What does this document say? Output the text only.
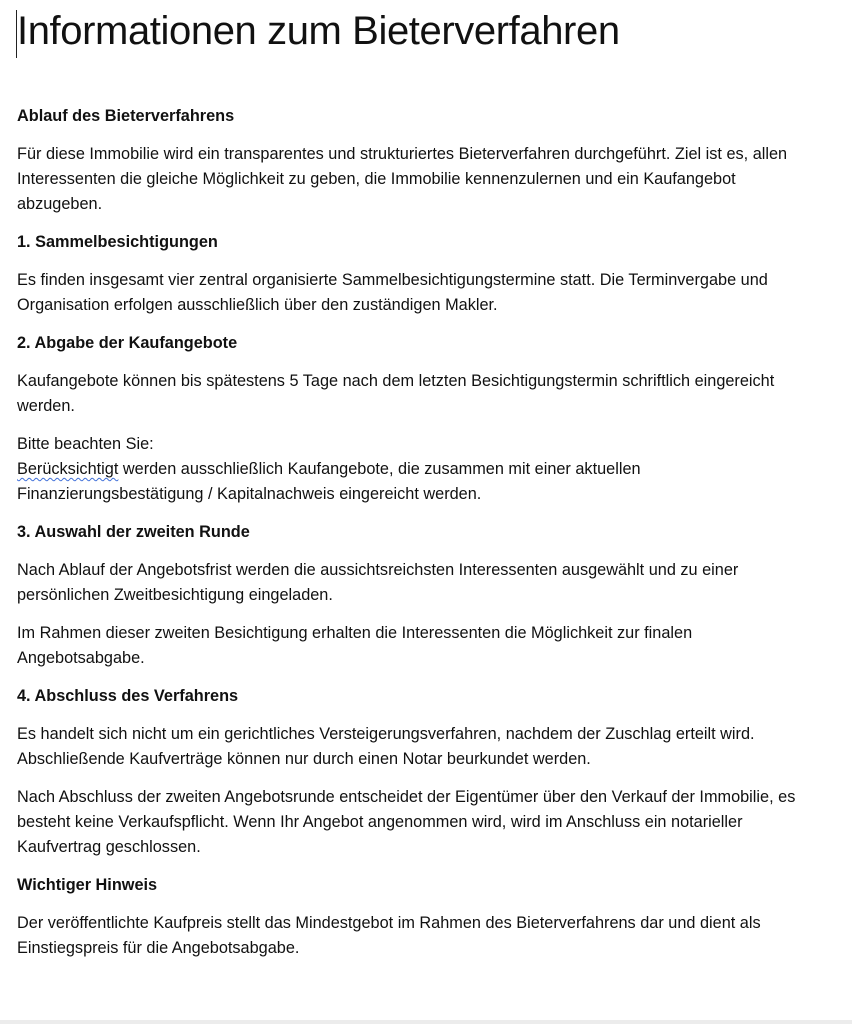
Informationen zum Bieterverfahren
Ablauf des Bieterverfahrens

Für diese Immobilie wird ein transparentes und strukturiertes Bieterverfahren durchgeführt. Ziel ist es, allen Interessenten die gleiche Möglichkeit zu geben, die Immobilie kennenzulernen und ein Kaufangebot abzugeben.

1. Sammelbesichtigungen

Es finden insgesamt vier zentral organisierte Sammelbesichtigungstermine statt. Die Terminvergabe und Organisation erfolgen ausschließlich über den zuständigen Makler.

2. Abgabe der Kaufangebote

Kaufangebote können bis spätestens 5 Tage nach dem letzten Besichtigungstermin schriftlich eingereicht werden.

Bitte beachten Sie:
Berücksichtigt werden ausschließlich Kaufangebote, die zusammen mit einer aktuellen Finanzierungsbestätigung / Kapitalnachweis eingereicht werden.

3. Auswahl der zweiten Runde

Nach Ablauf der Angebotsfrist werden die aussichtsreichsten Interessenten ausgewählt und zu einer persönlichen Zweitbesichtigung eingeladen.

Im Rahmen dieser zweiten Besichtigung erhalten die Interessenten die Möglichkeit zur finalen Angebotsabgabe.

4. Abschluss des Verfahrens

Es handelt sich nicht um ein gerichtliches Versteigerungsverfahren, nachdem der Zuschlag erteilt wird. Abschließende Kaufverträge können nur durch einen Notar beurkundet werden.

Nach Abschluss der zweiten Angebotsrunde entscheidet der Eigentümer über den Verkauf der Immobilie, es besteht keine Verkaufspflicht. Wenn Ihr Angebot angenommen wird, wird im Anschluss ein notarieller Kaufvertrag geschlossen.

Wichtiger Hinweis

Der veröffentlichte Kaufpreis stellt das Mindestgebot im Rahmen des Bieterverfahrens dar und dient als Einstiegspreis für die Angebotsabgabe.
